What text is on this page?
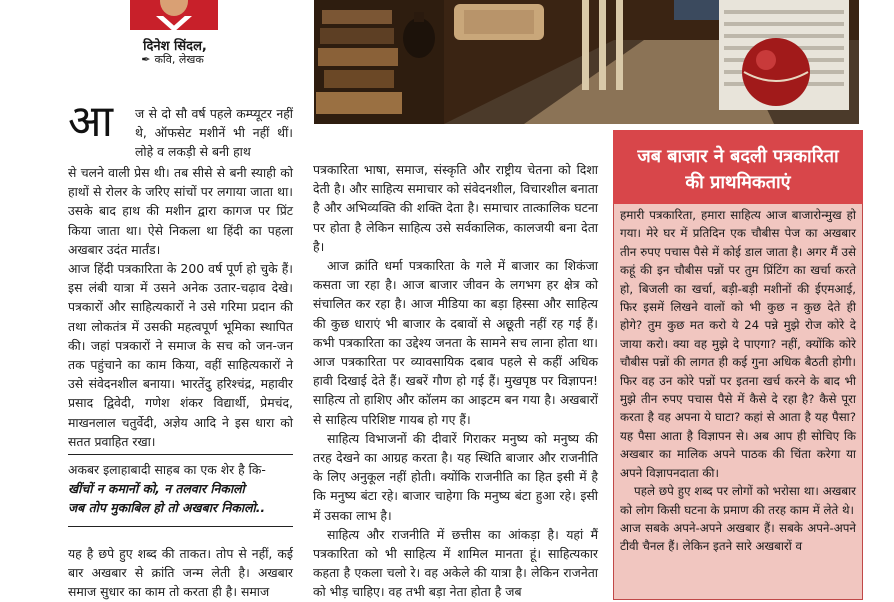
दिनेश सिंदल,
✒ कवि, लेखक
जब बाजार ने बदली पत्रकारिता
की प्राथमिकताएं

हमारी पत्रकारिता, हमारा साहित्य आज बाजारोन्मुख हो गया। मेरे घर में प्रतिदिन एक चौबीस पेज का अखबार तीन रुपए पचास पैसे में कोई डाल जाता है। अगर मैं उसे कहूं की इन चौबीस पन्नों पर तुम प्रिंटिंग का खर्चा करते हो, बिजली का खर्चा, बड़ी-बड़ी मशीनों की ईएमआई, फिर इसमें लिखने वालों को भी कुछ न कुछ देते ही होगे? तुम कुछ मत करो ये 24 पन्ने मुझे रोज कोरे दे जाया करो। क्या वह मुझे दे पाएगा? नहीं, क्योंकि कोरे चौबीस पन्नों की लागत ही कई गुना अधिक बैठती होगी। फिर वह उन कोरे पन्नों पर इतना खर्च करने के बाद भी मुझे तीन रुपए पचास पैसे में कैसे दे रहा है? कैसे पूरा करता है वह अपना ये घाटा? कहां से आता है यह पैसा? यह पैसा आता है विज्ञापन से। अब आप ही सोचिए कि अखबार का मालिक अपने पाठक की चिंता करेगा या अपने विज्ञापनदाता की।

पहले छपे हुए शब्द पर लोगों को भरोसा था। अखबार को लोग किसी घटना के प्रमाण की तरह काम में लेते थे।

आज सबके अपने-अपने अखबार हैं। सबके अपने-अपने टीवी चैनल हैं। लेकिन इतने सारे अखबारों व

आ ज से दो सौ वर्ष पहले कम्प्यूटर नहीं थे, ऑफसेट मशीनें भी नहीं थीं। लोहे व लकड़ी से बनी हाथ

से चलने वाली प्रेस थी। तब सीसे से बनी स्याही को हाथों से रोलर के जरिए सांचों पर लगाया जाता था। उसके बाद हाथ की मशीन द्वारा कागज पर प्रिंट किया जाता था। ऐसे निकला था हिंदी का पहला अखबार उदंत मार्तंड।

आज हिंदी पत्रकारिता के 200 वर्ष पूर्ण हो चुके हैं। इस लंबी यात्रा में उसने अनेक उतार-चढ़ाव देखे। पत्रकारों और साहित्यकारों ने उसे गरिमा प्रदान की तथा लोकतंत्र में उसकी महत्वपूर्ण भूमिका स्थापित की। जहां पत्रकारों ने समाज के सच को जन-जन तक पहुंचाने का काम किया, वहीं साहित्यकारों ने उसे संवेदनशील बनाया। भारतेंदु हरिश्चंद्र, महावीर प्रसाद द्विवेदी, गणेश शंकर विद्यार्थी, प्रेमचंद, माखनलाल चतुर्वेदी, अज्ञेय आदि ने इस धारा को सतत प्रवाहित रखा।

अकबर इलाहाबादी साहब का एक शेर है कि-

खींचों न कमानों को, न तलवार निकालो

जब तोप मुकाबिल हो तो अखबार निकालो..

यह है छपे हुए शब्द की ताकत। तोप से नहीं, कई बार अखबार से क्रांति जन्म लेती है। अखबार समाज सुधार का काम तो करता ही है। समाज

पत्रकारिता भाषा, समाज, संस्कृति और राष्ट्रीय चेतना को दिशा देती है। और साहित्य समाचार को संवेदनशील, विचारशील बनाता है और अभिव्यक्ति की शक्ति देता है। समाचार तात्कालिक घटना पर होता है लेकिन साहित्य उसे सर्वकालिक, कालजयी बना देता है।

आज क्रांति धर्मा पत्रकारिता के गले में बाजार का शिकंजा कसता जा रहा है। आज बाजार जीवन के लगभग हर क्षेत्र को संचालित कर रहा है। आज मीडिया का बड़ा हिस्सा और साहित्य की कुछ धाराएं भी बाजार के दबावों से अछूती नहीं रह गई हैं। कभी पत्रकारिता का उद्देश्य जनता के सामने सच लाना होता था। आज पत्रकारिता पर व्यावसायिक दबाव पहले से कहीं अधिक हावी दिखाई देते हैं। खबरें गौण हो गई हैं। मुखपृष्ठ पर विज्ञापन! साहित्य तो हाशिए और कॉलम का आइटम बन गया है। अखबारों से साहित्य परिशिष्ट गायब हो गए हैं।

साहित्य विभाजनों की दीवारें गिराकर मनुष्य को मनुष्य की तरह देखने का आग्रह करता है। यह स्थिति बाजार और राजनीति के लिए अनुकूल नहीं होती। क्योंकि राजनीति का हित इसी में है कि मनुष्य बंटा रहे। बाजार चाहेगा कि मनुष्य बंटा हुआ रहे। इसी में उसका लाभ है।

साहित्य और राजनीति में छत्तीस का आंकड़ा है। यहां मैं पत्रकारिता को भी साहित्य में शामिल मानता हूं। साहित्यकार कहता है एकला चलो रे। वह अकेले की यात्रा है। लेकिन राजनेता को भीड़ चाहिए। वह तभी बड़ा नेता होता है जब
